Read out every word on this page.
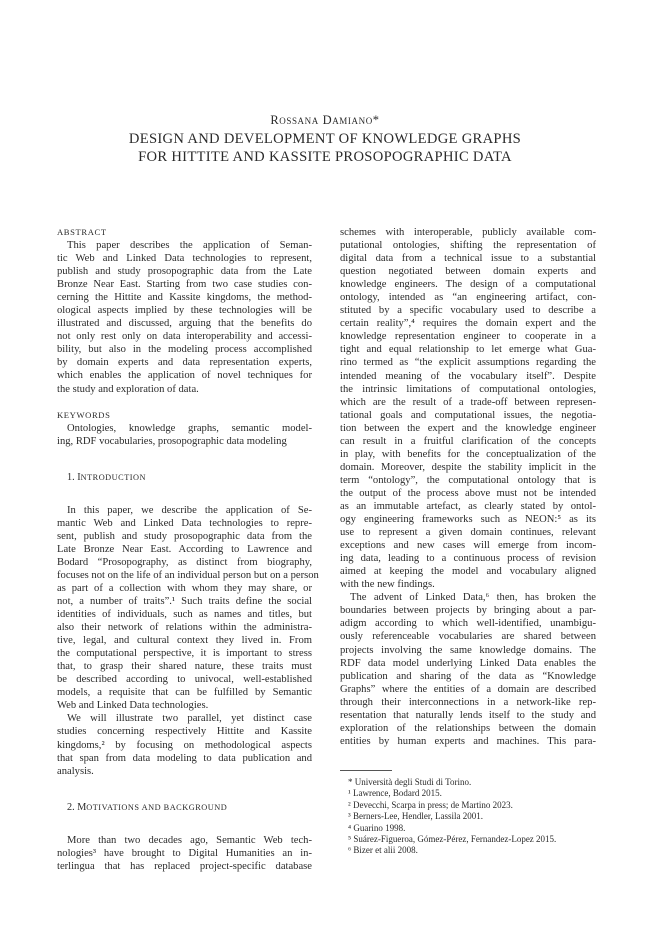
Rossana Damiano*
DESIGN AND DEVELOPMENT OF KNOWLEDGE GRAPHS
FOR HITTITE AND KASSITE PROSOPOGRAPHIC DATA
ABSTRACT
This paper describes the application of Seman-
tic Web and Linked Data technologies to represent,
publish and study prosopographic data from the Late
Bronze Near East. Starting from two case studies con-
cerning the Hittite and Kassite kingdoms, the method-
ological aspects implied by these technologies will be
illustrated and discussed, arguing that the benefits do
not only rest only on data interoperability and accessi-
bility, but also in the modeling process accomplished
by domain experts and data representation experts,
which enables the application of novel techniques for
the study and exploration of data.
KEYWORDS
Ontologies, knowledge graphs, semantic model-
ing, RDF vocabularies, prosopographic data modeling
1. INTRODUCTION
In this paper, we describe the application of Se-
mantic Web and Linked Data technologies to repre-
sent, publish and study prosopographic data from the
Late Bronze Near East. According to Lawrence and
Bodard “Prosopography, as distinct from biography,
focuses not on the life of an individual person but on a person
as part of a collection with whom they may share, or
not, a number of traits”.¹ Such traits define the social
identities of individuals, such as names and titles, but
also their network of relations within the administra-
tive, legal, and cultural context they lived in. From
the computational perspective, it is important to stress
that, to grasp their shared nature, these traits must
be described according to univocal, well-established
models, a requisite that can be fulfilled by Semantic
Web and Linked Data technologies.
We will illustrate two parallel, yet distinct case
studies concerning respectively Hittite and Kassite
kingdoms,² by focusing on methodological aspects
that span from data modeling to data publication and
analysis.
2. MOTIVATIONS AND BACKGROUND
More than two decades ago, Semantic Web tech-
nologies³ have brought to Digital Humanities an in-
terlingua that has replaced project-specific database
schemes with interoperable, publicly available com-
putational ontologies, shifting the representation of
digital data from a technical issue to a substantial
question negotiated between domain experts and
knowledge engineers. The design of a computational
ontology, intended as “an engineering artifact, con-
stituted by a specific vocabulary used to describe a
certain reality”,⁴ requires the domain expert and the
knowledge representation engineer to cooperate in a
tight and equal relationship to let emerge what Gua-
rino termed as “the explicit assumptions regarding the
intended meaning of the vocabulary itself”. Despite
the intrinsic limitations of computational ontologies,
which are the result of a trade-off between represen-
tational goals and computational issues, the negotia-
tion between the expert and the knowledge engineer
can result in a fruitful clarification of the concepts
in play, with benefits for the conceptualization of the
domain. Moreover, despite the stability implicit in the
term “ontology”, the computational ontology that is
the output of the process above must not be intended
as an immutable artefact, as clearly stated by ontol-
ogy engineering frameworks such as NEON:⁵ as its
use to represent a given domain continues, relevant
exceptions and new cases will emerge from incom-
ing data, leading to a continuous process of revision
aimed at keeping the model and vocabulary aligned
with the new findings.
The advent of Linked Data,⁶ then, has broken the
boundaries between projects by bringing about a par-
adigm according to which well-identified, unambigu-
ously referenceable vocabularies are shared between
projects involving the same knowledge domains. The
RDF data model underlying Linked Data enables the
publication and sharing of the data as “Knowledge
Graphs” where the entities of a domain are described
through their interconnections in a network-like rep-
resentation that naturally lends itself to the study and
exploration of the relationships between the domain
entities by human experts and machines. This para-
* Università degli Studi di Torino.
¹ Lawrence, Bodard 2015.
² Devecchi, Scarpa in press; de Martino 2023.
³ Berners-Lee, Hendler, Lassila 2001.
⁴ Guarino 1998.
⁵ Suárez-Figueroa, Gómez-Pérez, Fernandez-Lopez 2015.
⁶ Bizer et alii 2008.
